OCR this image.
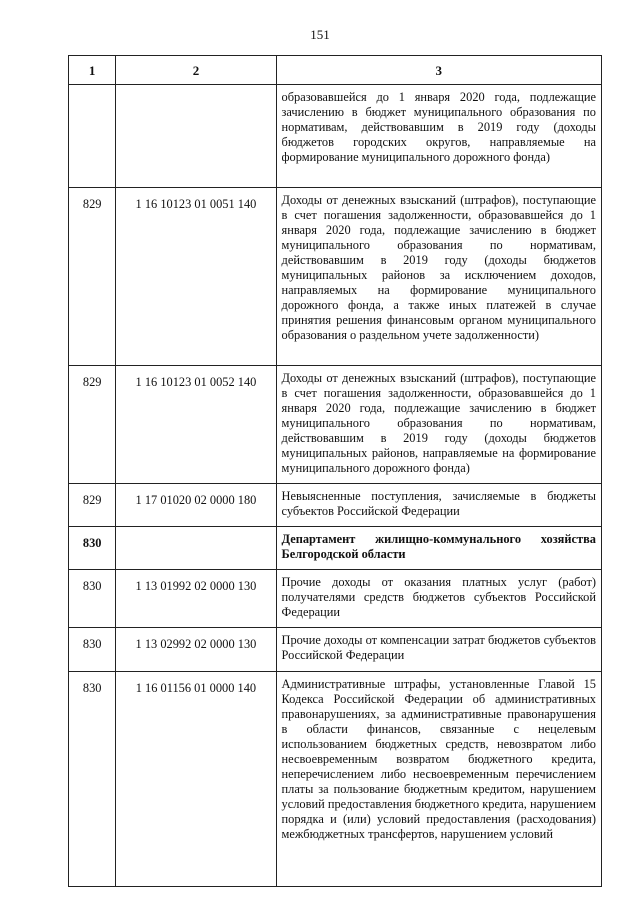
151
1	2	3
		образовавшейся до 1 января 2020 года, подлежащие зачислению в бюджет муниципального образования по нормативам, действовавшим в 2019 году (доходы бюджетов городских округов, направляемые на формирование муниципального дорожного фонда)
829	1 16 10123 01 0051 140	Доходы от денежных взысканий (штрафов), поступающие в счет погашения задолженности, образовавшейся до 1 января 2020 года, подлежащие зачислению в бюджет муниципального образования по нормативам, действовавшим в 2019 году (доходы бюджетов муниципальных районов за исключением доходов, направляемых на формирование муниципального дорожного фонда, а также иных платежей в случае принятия решения финансовым органом муниципального образования о раздельном учете задолженности)
829	1 16 10123 01 0052 140	Доходы от денежных взысканий (штрафов), поступающие в счет погашения задолженности, образовавшейся до 1 января 2020 года, подлежащие зачислению в бюджет муниципального образования по нормативам, действовавшим в 2019 году (доходы бюджетов муниципальных районов, направляемые на формирование муниципального дорожного фонда)
829	1 17 01020 02 0000 180	Невыясненные поступления, зачисляемые в бюджеты субъектов Российской Федерации
830		Департамент жилищно-коммунального хозяйства Белгородской области
830	1 13 01992 02 0000 130	Прочие доходы от оказания платных услуг (работ) получателями средств бюджетов субъектов Российской Федерации
830	1 13 02992 02 0000 130	Прочие доходы от компенсации затрат бюджетов субъектов Российской Федерации
830	1 16 01156 01 0000 140	Административные штрафы, установленные Главой 15 Кодекса Российской Федерации об административных правонарушениях, за административные правонарушения в области финансов, связанные с нецелевым использованием бюджетных средств, невозвратом либо несвоевременным возвратом бюджетного кредита, неперечислением либо несвоевременным перечислением платы за пользование бюджетным кредитом, нарушением условий предоставления бюджетного кредита, нарушением порядка и (или) условий предоставления (расходования) межбюджетных трансфертов, нарушением условий
